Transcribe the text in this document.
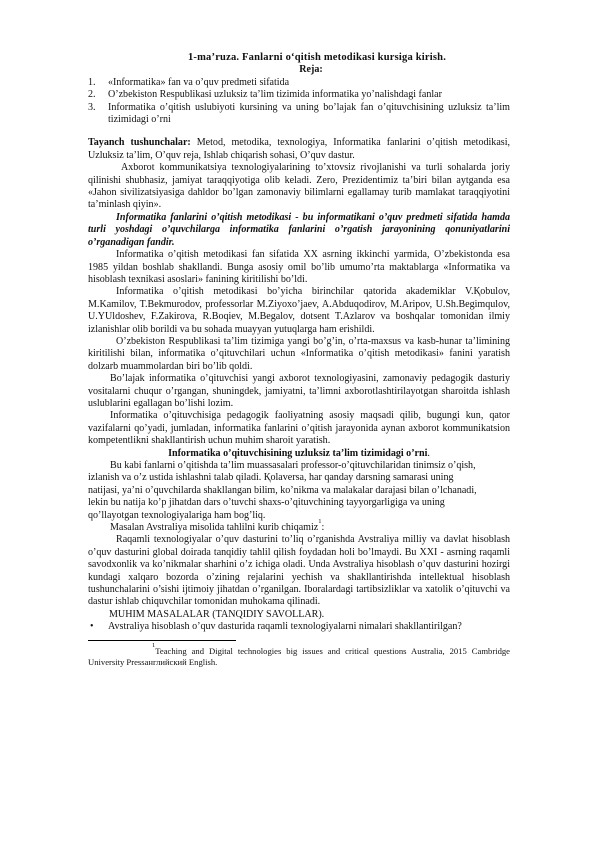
1-ma’ruza. Fanlarni o‘qitish metodikasi kursiga kirish.
Reja:
1. «Informatika» fan va o’quv predmeti sifatida
2. O’zbekiston Respublikasi uzluksiz ta’lim tizimida informatika yo’nalishdagi fanlar
3. Informatika o’qitish uslubiyoti kursining va uning bo’lajak fan o’qituvchisining uzluksiz ta’lim tizimidagi o’rni

Tayanch tushunchalar: Metod, metodika, texnologiya, Informatika fanlarini o’qitish metodikasi, Uzluksiz ta’lim, O’quv reja, Ishlab chiqarish sohasi, O’quv dastur.

Axborot kommunikatsiya texnologiyalarining to’xtovsiz rivojlanishi va turli sohalarda joriy qilinishi shubhasiz, jamiyat taraqqiyotiga olib keladi. Zero, Prezidentimiz ta’biri bilan aytganda esa «Jahon sivilizatsiyasiga dahldor bo’lgan zamonaviy bilimlarni egallamay turib mamlakat taraqqiyotini ta’minlash qiyin».

Informatika fanlarini o’qitish metodikasi - bu informatikani o’quv predmeti sifatida hamda turli yoshdagi o’quvchilarga informatika fanlarini o’rgatish jarayonining qonuniyatlarini o’rganadigan fandir.

Informatika o’qitish metodikasi fan sifatida XX asrning ikkinchi yarmida, O’zbekistonda esa 1985 yildan boshlab shakllandi. Bunga asosiy omil bo’lib umumo’rta maktablarga «Informatika va hisoblash texnikasi asoslari» fanining kiritilishi bo’ldi.

Informatika o’qitish metodikasi bo’yicha birinchilar qatorida akademiklar V.Қobulov, M.Kamilov, T.Bekmurodov, professorlar M.Ziyoxo’jaev, A.Abduqodirov, M.Aripov, U.Sh.Begimqulov, U.YUldoshev, F.Zakirova, R.Boqiev, M.Begalov, dotsent T.Azlarov va boshqalar tomonidan ilmiy izlanishlar olib borildi va bu sohada muayyan yutuqlarga ham erishildi.

O’zbekiston Respublikasi ta’lim tizimiga yangi bo’g’in, o’rta-maxsus va kasb-hunar ta’limining kiritilishi bilan, informatika o’qituvchilari uchun «Informatika o’qitish metodikasi» fanini yaratish dolzarb muammolardan biri bo’lib qoldi.

Bo’lajak informatika o’qituvchisi yangi axborot texnologiyasini, zamonaviy pedagogik dasturiy vositalarni chuqur o’rgangan, shuningdek, jamiyatni, ta’limni axborotlashtirilayotgan sharoitda ishlash uslublarini egallagan bo’lishi lozim.

Informatika o’qituvchisiga pedagogik faoliyatning asosiy maqsadi qilib, bugungi kun, qator vazifalarni qo’yadi, jumladan, informatika fanlarini o’qitish jarayonida aynan axborot kommunikatsion kompetentlikni shakllantirish uchun muhim sharoit yaratish.

Informatika o’qituvchisining uzluksiz ta’lim tizimidagi o’rni.
Bu kabi fanlarni o’qitishda ta’lim muassasalari professor-o’qituvchilaridan tinimsiz o’qish,
izlanish va o’z ustida ishlashni talab qiladi. Қolaversa, har qanday darsning samarasi uning
natijasi, ya’ni o’quvchilarda shakllangan bilim, ko’nikma va malakalar darajasi bilan o’lchanadi,
lekin bu natija ko’p jihatdan dars o’tuvchi shaxs-o’qituvchining tayyorgarligiga va uning
qo’llayotgan texnologiyalariga ham bog’liq.

Masalan Avstraliya misolida tahlilni kurib chiqamiz$^1$:

Raqamli texnologiyalar o’quv dasturini to’liq o’rganishda Avstraliya milliy va davlat hisoblash o’quv dasturini global doirada tanqidiy tahlil qilish foydadan holi bo’lmaydi. Bu XXI - asrning raqamli savodxonlik va ko’nikmalar sharhini o’z ichiga oladi. Unda Avstraliya hisoblash o’quv dasturini hozirgi kundagi xalqaro bozorda o’zining rejalarini yechish va shakllantirishda intellektual hisoblash tushunchalarini o’sishi ijtimoiy jihatdan o’rganilgan. Iboralardagi tartibsizliklar va xatolik o’qituvchi va dastur ishlab chiquvchilar tomonidan muhokama qilinadi.

MUHIM MASALALAR (TANQIDIY SAVOLLAR).
• Avstraliya hisoblash o’quv dasturida raqamli texnologiyalarni nimalari shakllantirilgan?
$^1$Teaching and Digital technologies big issues and critical questions Australia, 2015 Cambridge University Pressанглийский English.
